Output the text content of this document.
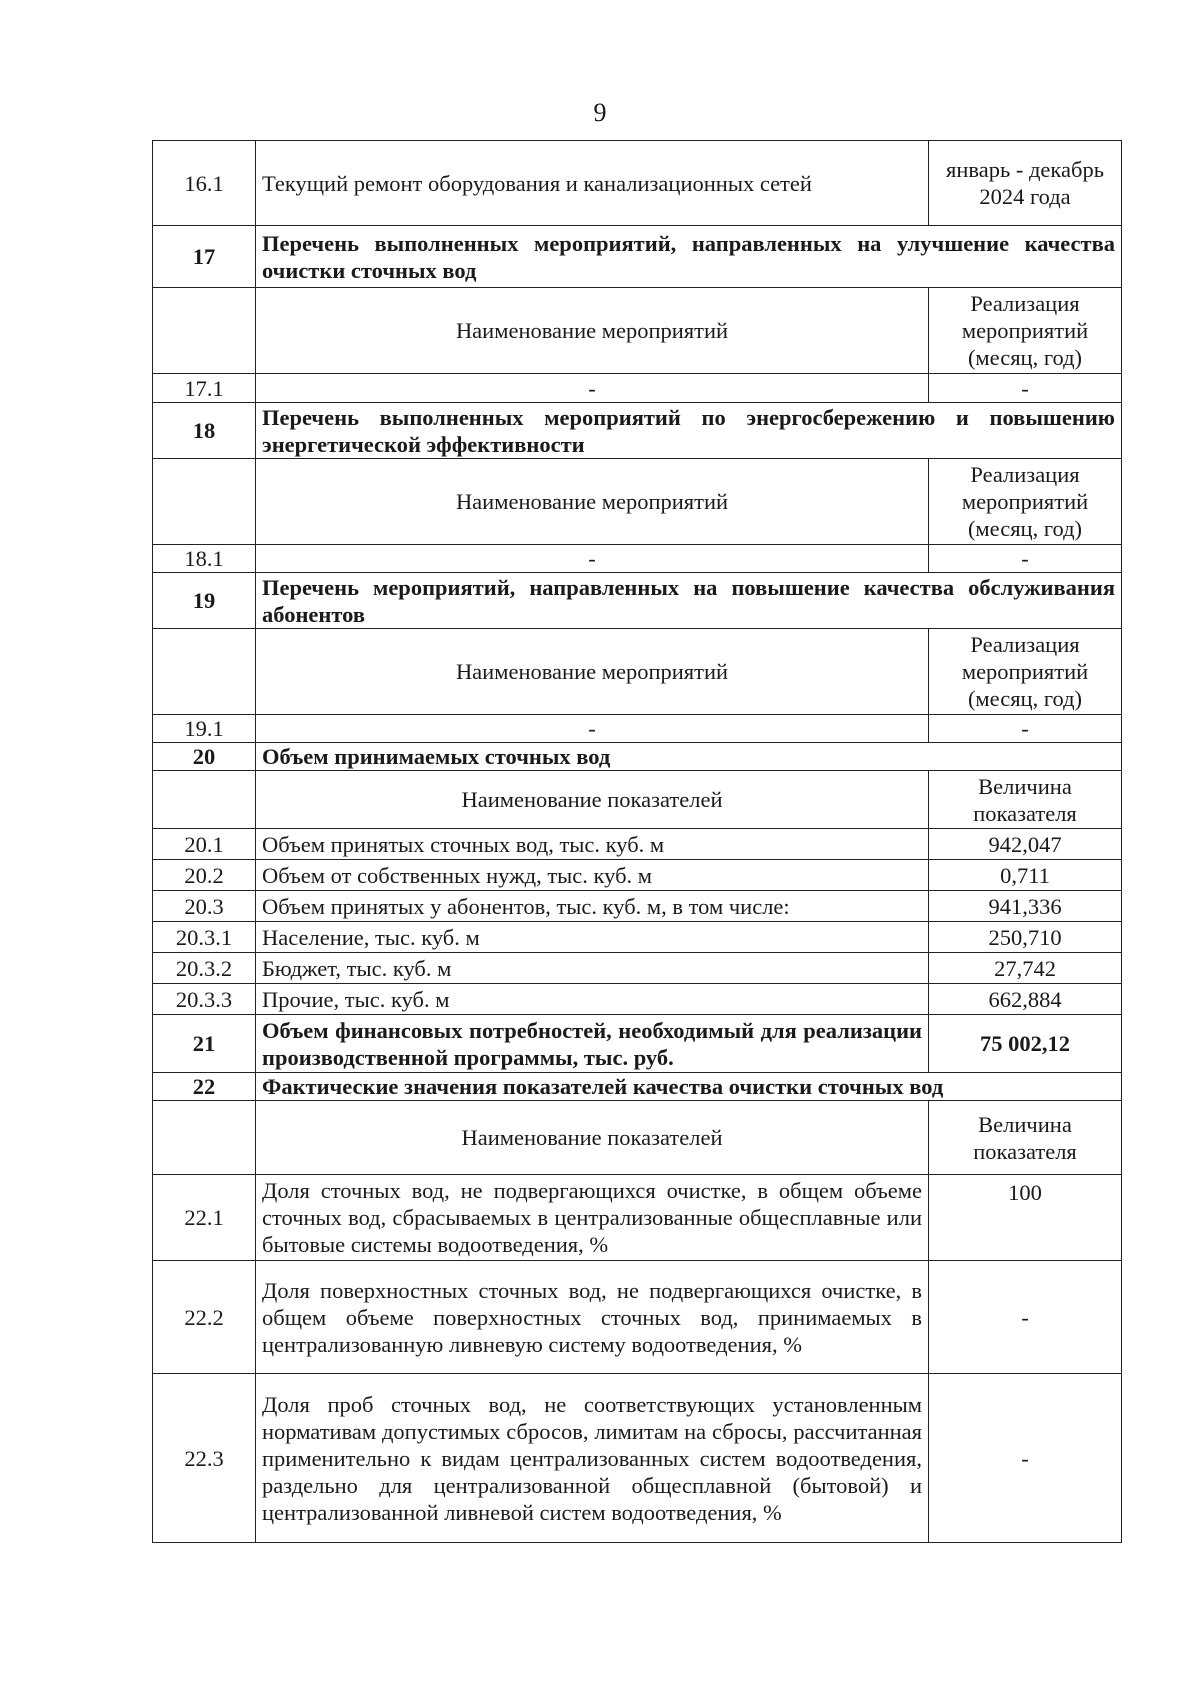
9
16.1	Текущий ремонт оборудования и канализационных сетей	январь - декабрь 2024 года
17	Перечень выполненных мероприятий, направленных на улучшение качества очистки сточных вод	
	Наименование мероприятий	Реализация мероприятий (месяц, год)
17.1	-	-
18	Перечень выполненных мероприятий по энергосбережению и повышению энергетической эффективности	
	Наименование мероприятий	Реализация мероприятий (месяц, год)
18.1	-	-
19	Перечень мероприятий, направленных на повышение качества обслуживания абонентов	
	Наименование мероприятий	Реализация мероприятий (месяц, год)
19.1	-	-
20	Объем принимаемых сточных вод	
	Наименование показателей	Величина показателя
20.1	Объем принятых сточных вод, тыс. куб. м	942,047
20.2	Объем от собственных нужд, тыс. куб. м	0,711
20.3	Объем принятых у абонентов, тыс. куб. м, в том числе:	941,336
20.3.1	Население, тыс. куб. м	250,710
20.3.2	Бюджет, тыс. куб. м	27,742
20.3.3	Прочие, тыс. куб. м	662,884
21	Объем финансовых потребностей, необходимый для реализации производственной программы, тыс. руб.	75 002,12
22	Фактические значения показателей качества очистки сточных вод	
	Наименование показателей	Величина показателя
22.1	Доля сточных вод, не подвергающихся очистке, в общем объеме сточных вод, сбрасываемых в централизованные общесплавные или бытовые системы водоотведения, %	100
22.2	Доля поверхностных сточных вод, не подвергающихся очистке, в общем объеме поверхностных сточных вод, принимаемых в централизованную ливневую систему водоотведения, %	-
22.3	Доля проб сточных вод, не соответствующих установленным нормативам допустимых сбросов, лимитам на сбросы, рассчитанная применительно к видам централизованных систем водоотведения, раздельно для централизованной общесплавной (бытовой) и централизованной ливневой систем водоотведения, %	-
